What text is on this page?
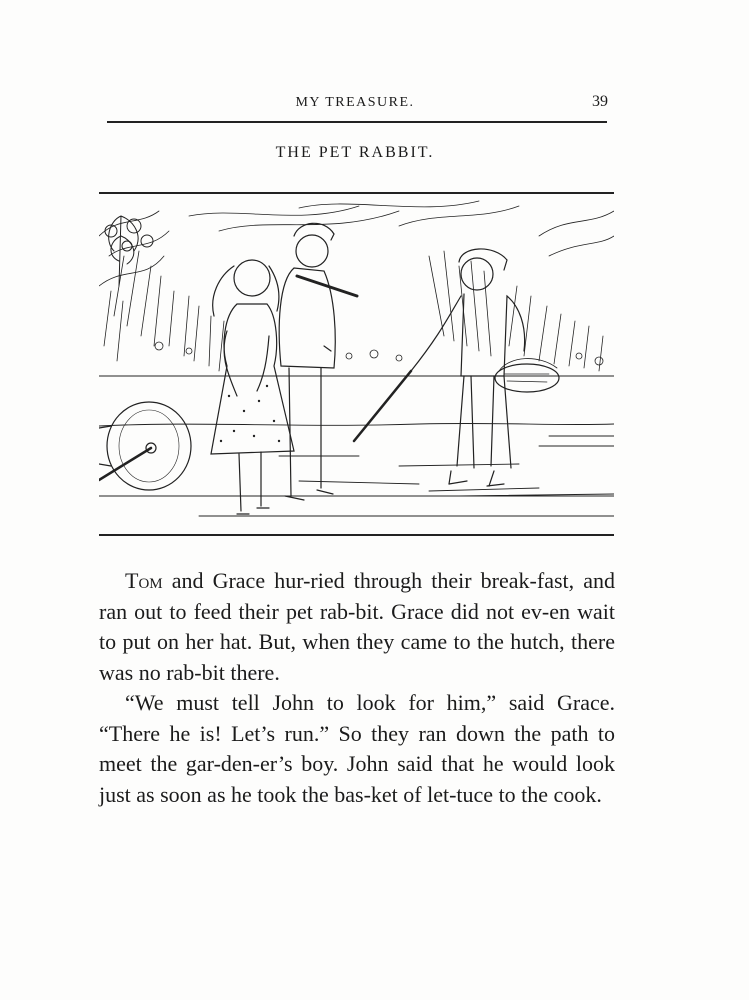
MY TREASURE.	39
THE PET RABBIT.

Tom and Grace hur-ried through their break-fast, and ran out to feed their pet rab-bit. Grace did not ev-en wait to put on her hat. But, when they came to the hutch, there was no rab-bit there.

“We must tell John to look for him,” said Grace. “There he is! Let’s run.” So they ran down the path to meet the gar-den-er’s boy. John said that he would look just as soon as he took the bas-ket of let-tuce to the cook.
